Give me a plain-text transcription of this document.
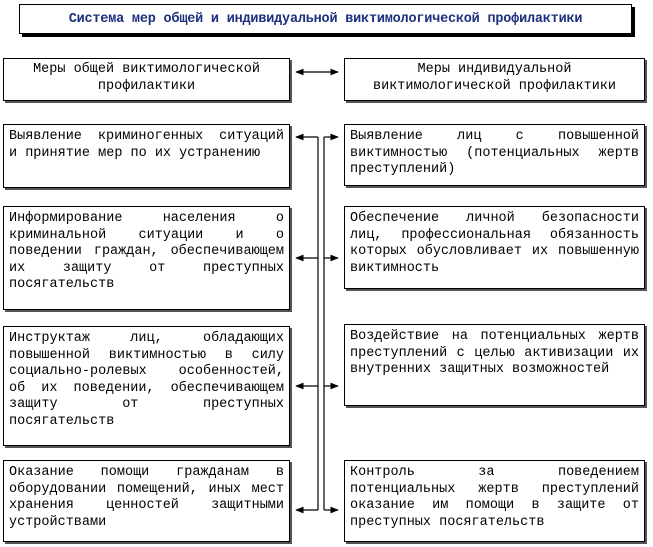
Система мер общей и индивидуальной виктимологической профилактики
Меры общей виктимологической профилактики
Меры индивидуальной виктимологической профилактики
Выявление криминогенных ситуаций и принятие мер по их устранению
Информирование населения о криминальной ситуации и о поведении граждан, обеспечивающем их защиту от преступных посягательств
Инструктаж лиц, обладающих повышенной виктимностью в силу социально-ролевых особенностей, об их поведении, обеспечивающем защиту от преступных посягательств
Оказание помощи гражданам в оборудовании помещений, иных мест хранения ценностей защитными устройствами
Выявление лиц с повышенной виктимностью (потенциальных жертв преступлений)
Обеспечение личной безопасности лиц, профессиональная обязанность которых обусловливает их повышенную виктимность
Воздействие на потенциальных жертв преступлений с целью активизации их внутренних защитных возможностей
Контроль за поведением потенциальных жертв преступлений оказание им помощи в защите от преступных посягательств
